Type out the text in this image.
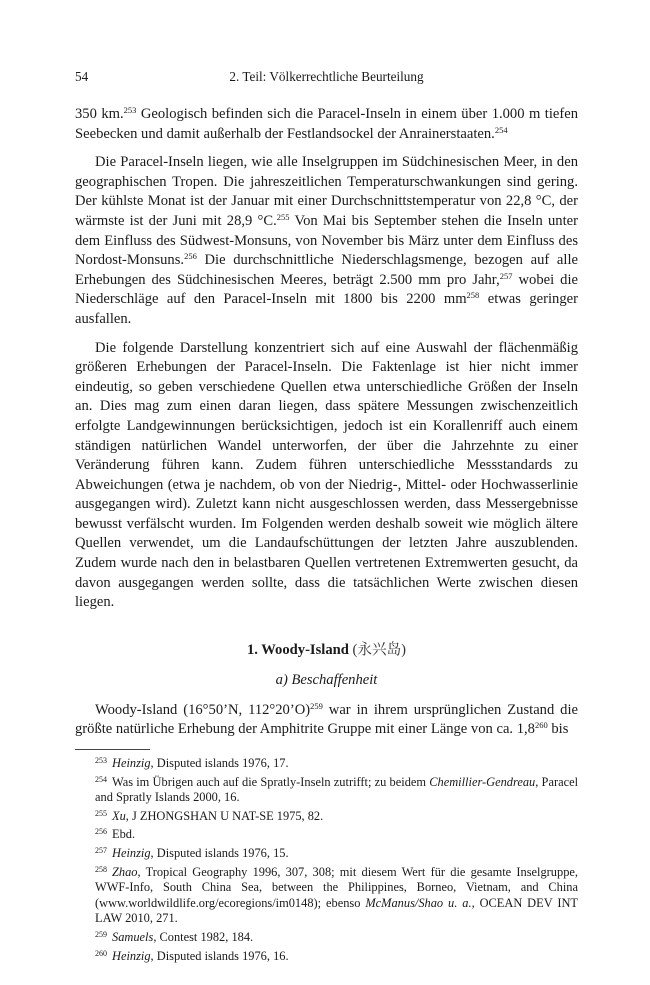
54	2. Teil: Völkerrechtliche Beurteilung

350 km.$^{253}$ Geologisch befinden sich die Paracel-Inseln in einem über 1.000 m tiefen Seebecken und damit außerhalb der Festlandsockel der Anrainerstaaten.$^{254}$

Die Paracel-Inseln liegen, wie alle Inselgruppen im Südchinesischen Meer, in den geographischen Tropen. Die jahreszeitlichen Temperaturschwankungen sind gering. Der kühlste Monat ist der Januar mit einer Durchschnittstemperatur von 22,8 °C, der wärmste ist der Juni mit 28,9 °C.$^{255}$ Von Mai bis September stehen die Inseln unter dem Einfluss des Südwest-Monsuns, von November bis März unter dem Einfluss des Nordost-Monsuns.$^{256}$ Die durchschnittliche Niederschlagsmenge, bezogen auf alle Erhebungen des Südchinesischen Meeres, beträgt 2.500 mm pro Jahr,$^{257}$ wobei die Niederschläge auf den Paracel-Inseln mit 1800 bis 2200 $mm^{258}$ etwas geringer ausfallen.

Die folgende Darstellung konzentriert sich auf eine Auswahl der flächenmäßig größeren Erhebungen der Paracel-Inseln. Die Faktenlage ist hier nicht immer eindeutig, so geben verschiedene Quellen etwa unterschiedliche Größen der Inseln an. Dies mag zum einen daran liegen, dass spätere Messungen zwischenzeitlich erfolgte Landgewinnungen berücksichtigen, jedoch ist ein Korallenriff auch einem ständigen natürlichen Wandel unterworfen, der über die Jahrzehnte zu einer Veränderung führen kann. Zudem führen unterschiedliche Messstandards zu Abweichungen (etwa je nachdem, ob von der Niedrig-, Mittel- oder Hochwasserlinie ausgegangen wird). Zuletzt kann nicht ausgeschlossen werden, dass Messergebnisse bewusst verfälscht wurden. Im Folgenden werden deshalb soweit wie möglich ältere Quellen verwendet, um die Landaufschüttungen der letzten Jahre auszublenden. Zudem wurde nach den in belastbaren Quellen vertretenen Extremwerten gesucht, da davon ausgegangen werden sollte, dass die tatsächlichen Werte zwischen diesen liegen.

1. Woody-Island (永兴岛)
a) Beschaffenheit

Woody-Island (16°50’N, 112°20’O)$^{259}$ war in ihrem ursprünglichen Zustand die größte natürliche Erhebung der Amphitrite Gruppe mit einer Länge von ca. $1,8^{260}$ bis

$^{253}$ Heinzig, Disputed islands 1976, 17.

$^{254}$ Was im Übrigen auch auf die Spratly-Inseln zutrifft; zu beidem Chemillier-Gendreau, Paracel and Spratly Islands 2000, 16.

$^{255}$ Xu, J ZHONGSHAN U NAT-SE 1975, 82.

$^{256}$ Ebd.

$^{257}$ Heinzig, Disputed islands 1976, 15.

$^{258}$ Zhao, Tropical Geography 1996, 307, 308; mit diesem Wert für die gesamte Inselgruppe, WWF-Info, South China Sea, between the Philippines, Borneo, Vietnam, and China (www.worldwildlife.org/ecoregions/im0148); ebenso McManus/Shao u. a., OCEAN DEV INT LAW 2010, 271.

$^{259}$ Samuels, Contest 1982, 184.

$^{260}$ Heinzig, Disputed islands 1976, 16.
